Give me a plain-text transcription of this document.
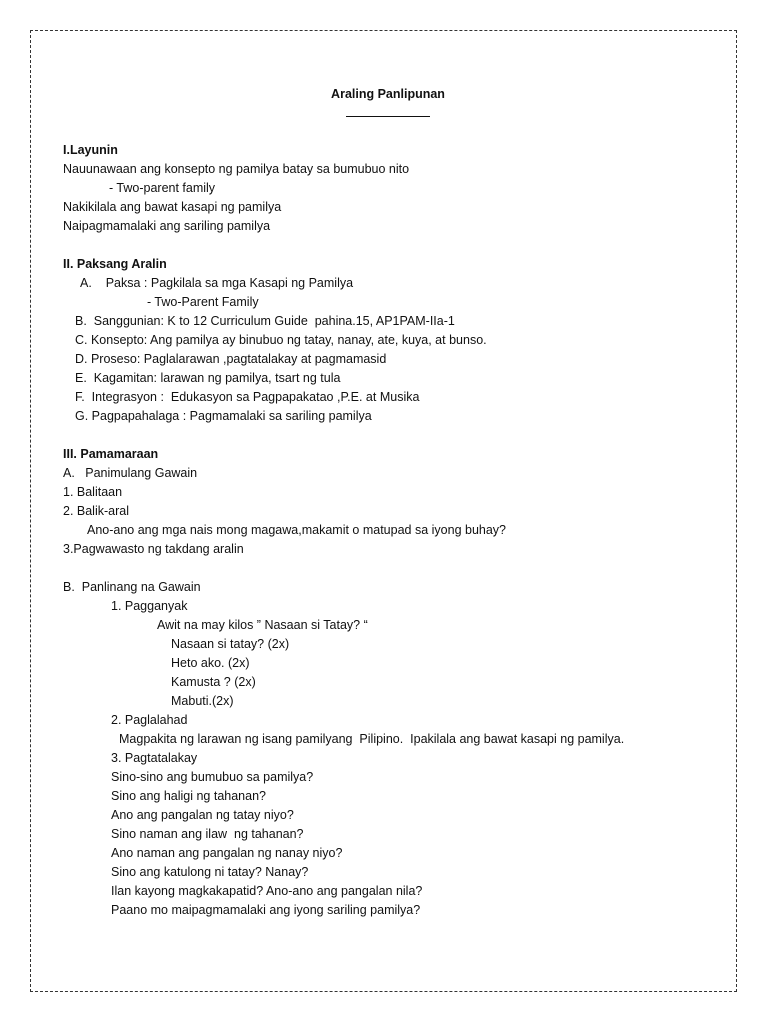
Araling Panlipunan
I.Layunin
Nauunawaan ang konsepto ng pamilya batay sa bumubuo nito
- Two-parent family
Nakikilala ang bawat kasapi ng pamilya
Naipagmamalaki ang sariling pamilya
II. Paksang Aralin
A.    Paksa : Pagkilala sa mga Kasapi ng Pamilya
- Two-Parent Family
B.  Sanggunian: K to 12 Curriculum Guide  pahina.15, AP1PAM-IIa-1
C. Konsepto: Ang pamilya ay binubuo ng tatay, nanay, ate, kuya, at bunso.
D. Proseso: Paglalarawan ,pagtatalakay at pagmamasid
E.  Kagamitan: larawan ng pamilya, tsart ng tula
F.  Integrasyon :  Edukasyon sa Pagpapakatao ,P.E. at Musika
G. Pagpapahalaga : Pagmamalaki sa sariling pamilya
III. Pamamaraan
A.   Panimulang Gawain
1. Balitaan
2. Balik-aral
Ano-ano ang mga nais mong magawa,makamit o matupad sa iyong buhay?
3.Pagwawasto ng takdang aralin
B.  Panlinang na Gawain
1. Pagganyak
Awit na may kilos ” Nasaan si Tatay? “
Nasaan si tatay? (2x)
Heto ako. (2x)
Kamusta ? (2x)
Mabuti.(2x)
2. Paglalahad
Magpakita ng larawan ng isang pamilyang  Pilipino.  Ipakilala ang bawat kasapi ng pamilya.
3. Pagtatalakay
Sino-sino ang bumubuo sa pamilya?
Sino ang haligi ng tahanan?
Ano ang pangalan ng tatay niyo?
Sino naman ang ilaw  ng tahanan?
Ano naman ang pangalan ng nanay niyo?
Sino ang katulong ni tatay? Nanay?
Ilan kayong magkakapatid? Ano-ano ang pangalan nila?
Paano mo maipagmamalaki ang iyong sariling pamilya?
